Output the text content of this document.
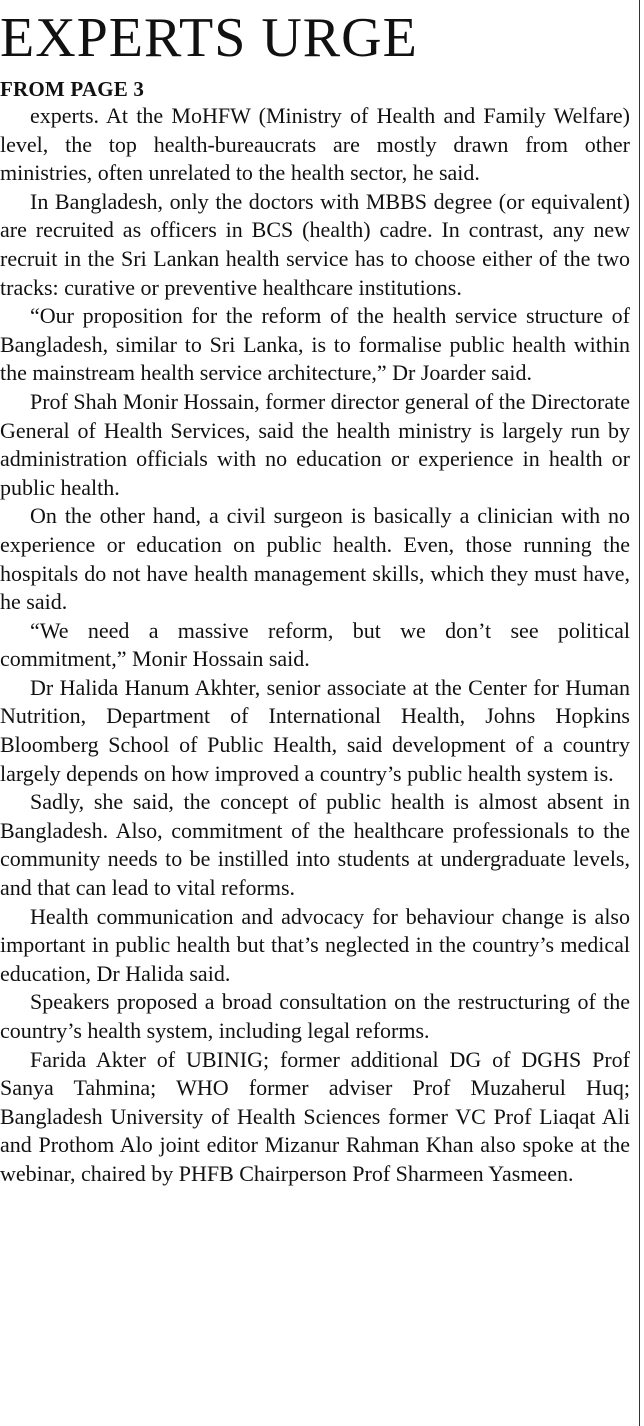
EXPERTS URGE
FROM PAGE 3

experts. At the MoHFW (Ministry of Health and Family Welfare) level, the top health-bureaucrats are mostly drawn from other ministries, often unrelated to the health sector, he said.

In Bangladesh, only the doctors with MBBS degree (or equivalent) are recruited as officers in BCS (health) cadre. In contrast, any new recruit in the Sri Lankan health service has to choose either of the two tracks: curative or preventive healthcare institutions.

“Our proposition for the reform of the health service structure of Bangladesh, similar to Sri Lanka, is to formalise public health within the mainstream health service architecture,” Dr Joarder said.

Prof Shah Monir Hossain, former director general of the Directorate General of Health Services, said the health ministry is largely run by administration officials with no education or experience in health or public health.

On the other hand, a civil surgeon is basically a clinician with no experience or education on public health. Even, those running the hospitals do not have health management skills, which they must have, he said.

“We need a massive reform, but we don’t see political commitment,” Monir Hossain said.

Dr Halida Hanum Akhter, senior associate at the Center for Human Nutrition, Department of International Health, Johns Hopkins Bloomberg School of Public Health, said development of a country largely depends on how improved a country’s public health system is.

Sadly, she said, the concept of public health is almost absent in Bangladesh. Also, commitment of the healthcare professionals to the community needs to be instilled into students at undergraduate levels, and that can lead to vital reforms.

Health communication and advocacy for behaviour change is also important in public health but that’s neglected in the country’s medical education, Dr Halida said.

Speakers proposed a broad consultation on the restructuring of the country’s health system, including legal reforms.

Farida Akter of UBINIG; former additional DG of DGHS Prof Sanya Tahmina; WHO former adviser Prof Muzaherul Huq; Bangladesh University of Health Sciences former VC Prof Liaqat Ali and Prothom Alo joint editor Mizanur Rahman Khan also spoke at the webinar, chaired by PHFB Chairperson Prof Sharmeen Yasmeen.
